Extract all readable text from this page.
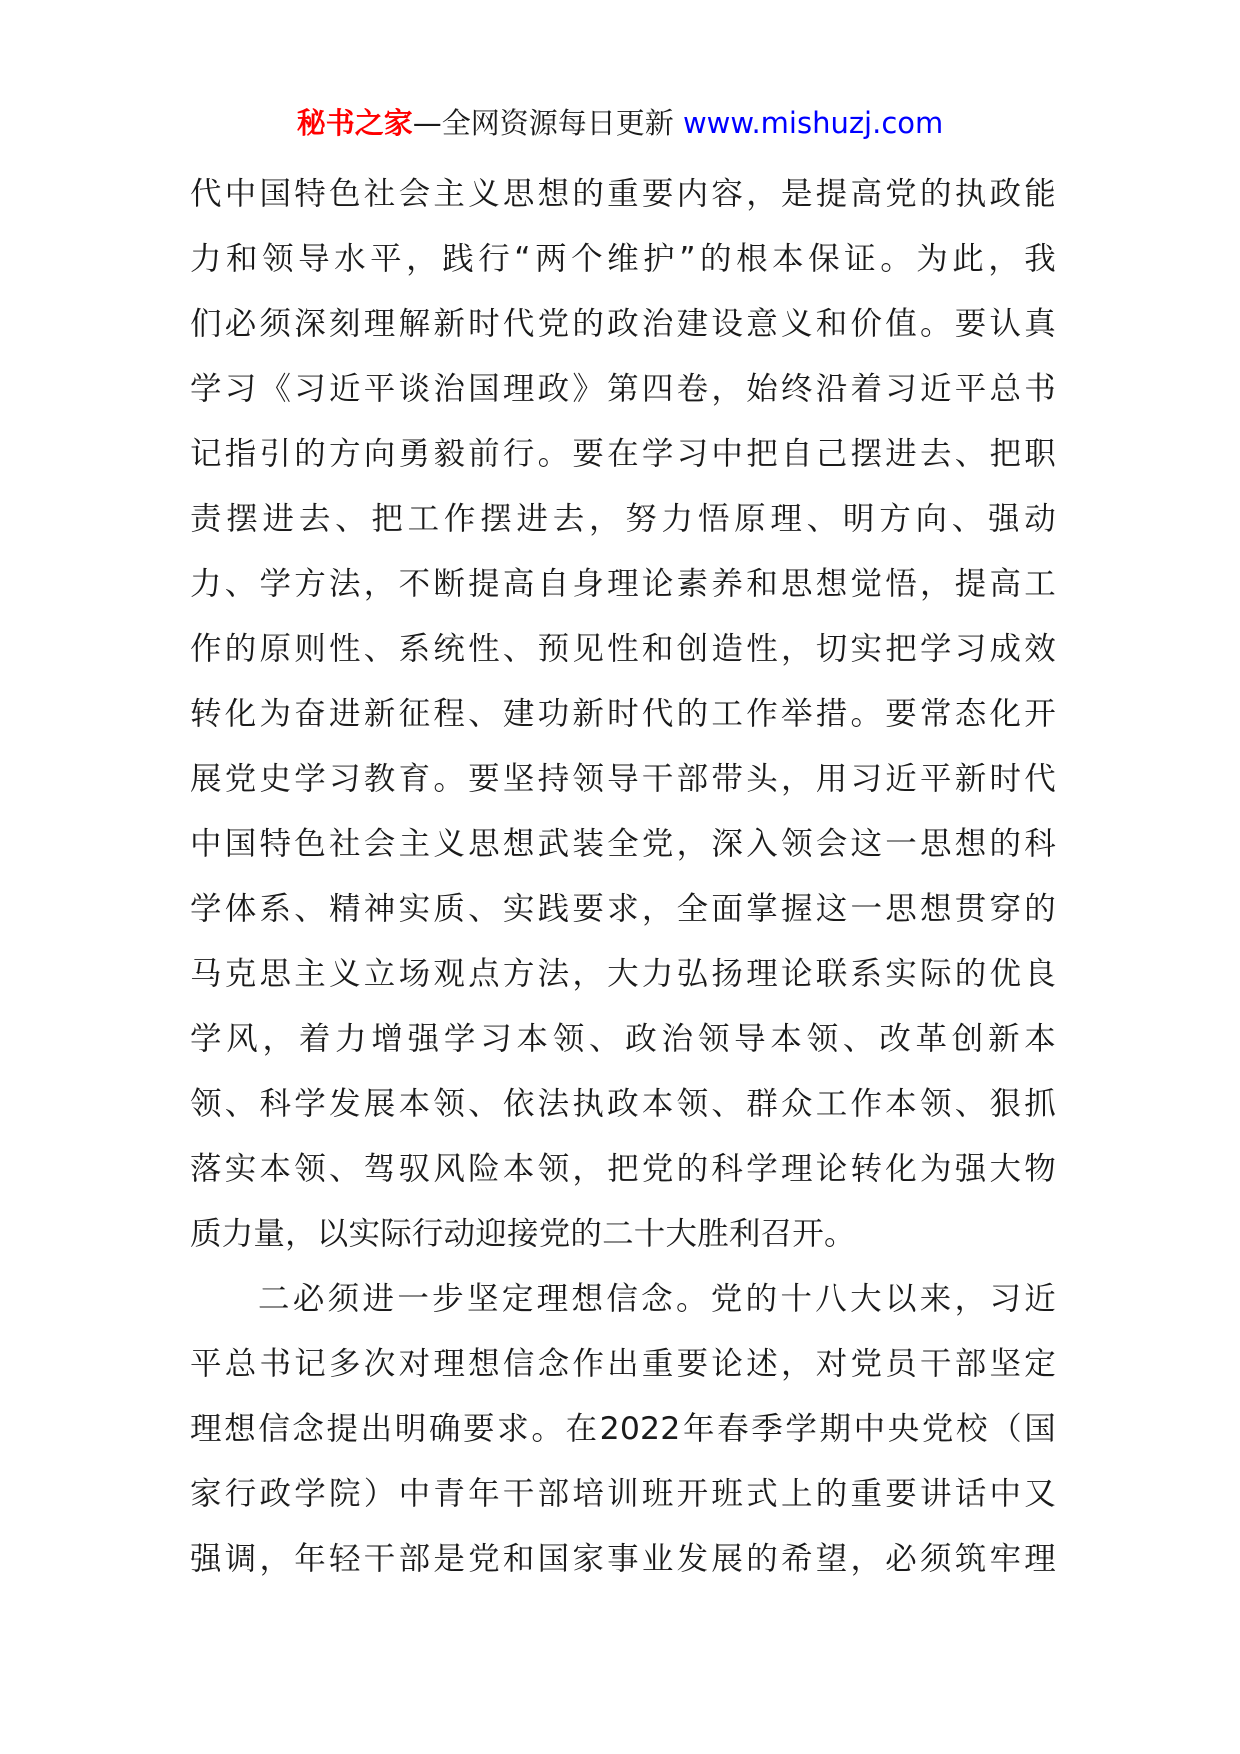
秘书之家—全网资源每日更新 www.mishuzj.com
代中国特色社会主义思想的重要内容，是提高党的执政能
力和领导水平，践行“两个维护”的根本保证。为此，我
们必须深刻理解新时代党的政治建设意义和价值。要认真
学习《习近平谈治国理政》第四卷，始终沿着习近平总书
记指引的方向勇毅前行。要在学习中把自己摆进去、把职
责摆进去、把工作摆进去，努力悟原理、明方向、强动
力、学方法，不断提高自身理论素养和思想觉悟，提高工
作的原则性、系统性、预见性和创造性，切实把学习成效
转化为奋进新征程、建功新时代的工作举措。要常态化开
展党史学习教育。要坚持领导干部带头，用习近平新时代
中国特色社会主义思想武装全党，深入领会这一思想的科
学体系、精神实质、实践要求，全面掌握这一思想贯穿的
马克思主义立场观点方法，大力弘扬理论联系实际的优良
学风，着力增强学习本领、政治领导本领、改革创新本
领、科学发展本领、依法执政本领、群众工作本领、狠抓
落实本领、驾驭风险本领，把党的科学理论转化为强大物
质力量，以实际行动迎接党的二十大胜利召开。
二必须进一步坚定理想信念。党的十八大以来，习近
平总书记多次对理想信念作出重要论述，对党员干部坚定
理想信念提出明确要求。在2022年春季学期中央党校（国
家行政学院）中青年干部培训班开班式上的重要讲话中又
强调，年轻干部是党和国家事业发展的希望，必须筑牢理
